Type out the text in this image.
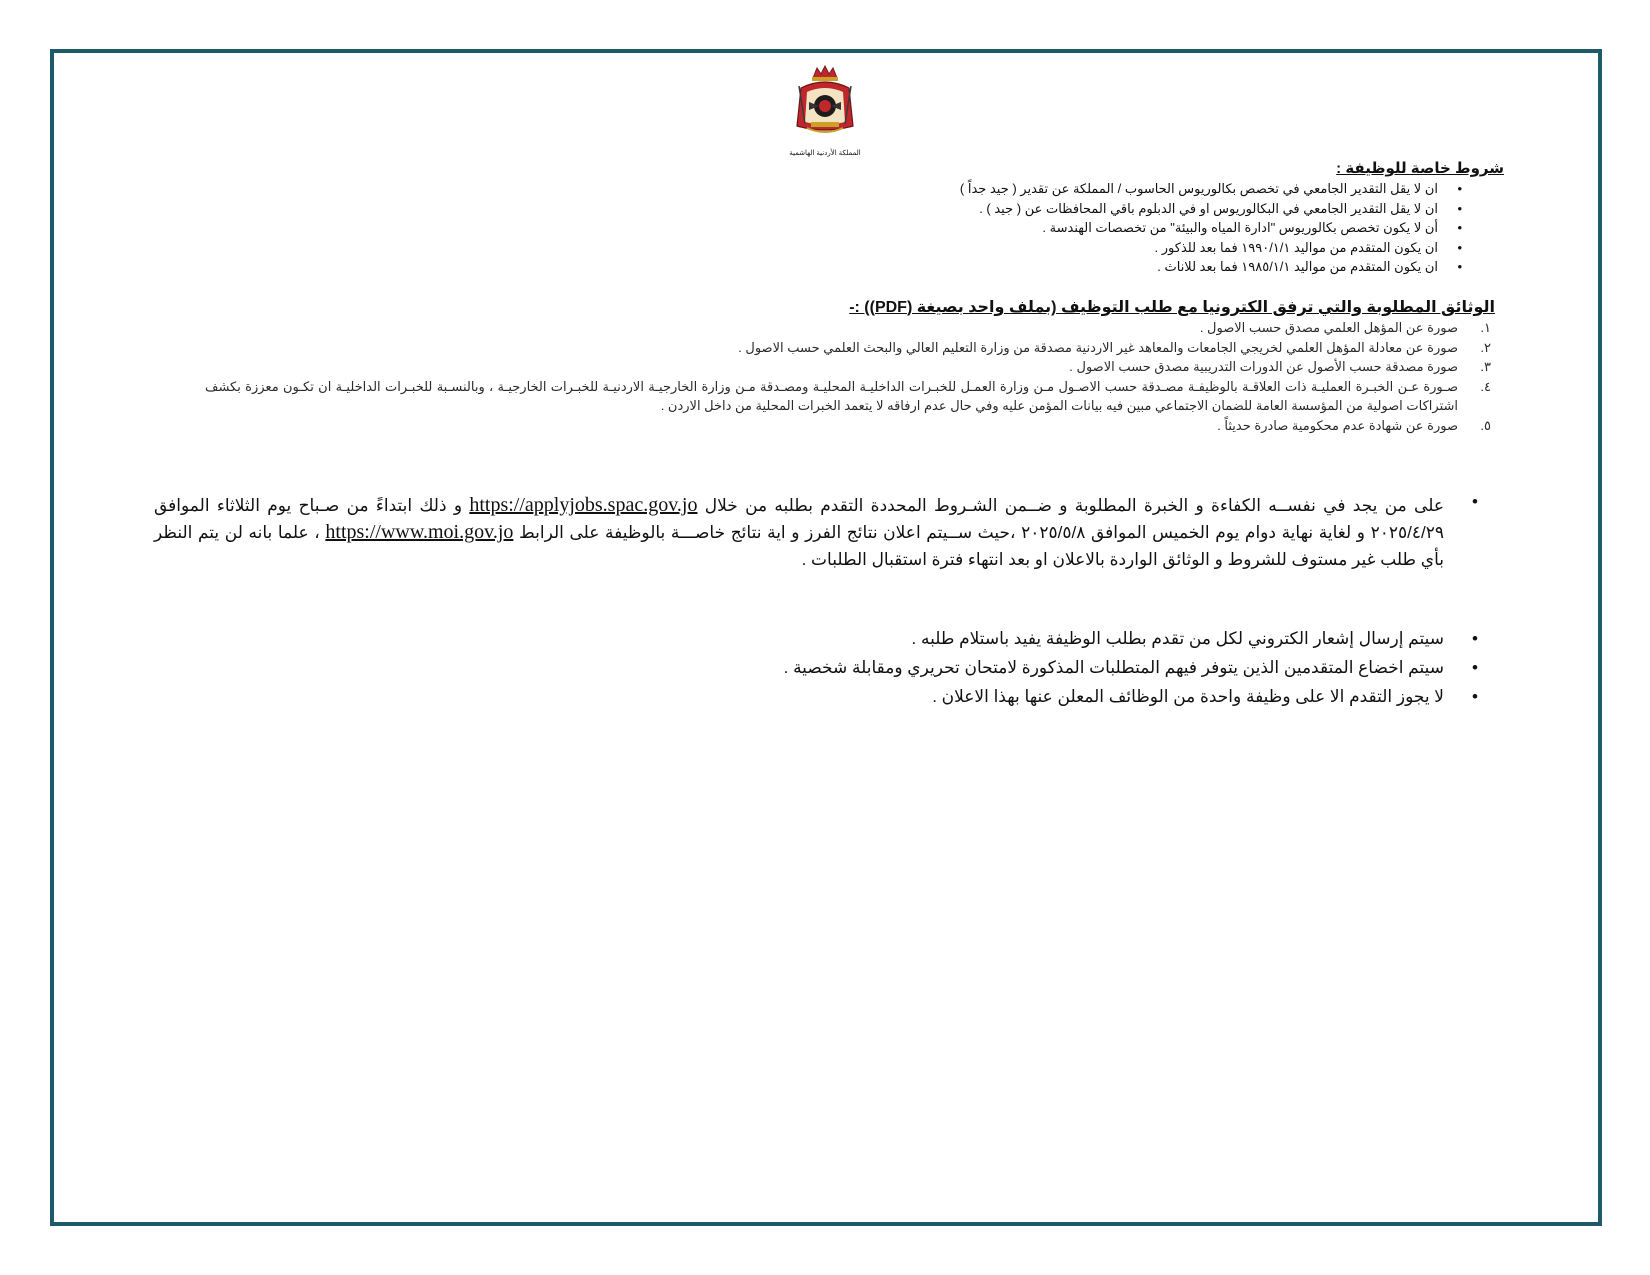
المملكة الأردنية الهاشمية
شروط خاصة للوظيفة :
• ان لا يقل التقدير الجامعي في تخصص بكالوريوس الحاسوب / المملكة عن تقدير ( جيد جداً )
• ان لا يقل التقدير الجامعي في البكالوريوس او في الدبلوم باقي المحافظات عن ( جيد ) .
• أن لا يكون تخصص بكالوريوس "ادارة المياه والبيئة" من تخصصات الهندسة .
• ان يكون المتقدم من مواليد ١٩٩٠/١/١ فما بعد للذكور .
• ان يكون المتقدم من مواليد ١٩٨٥/١/١ فما بعد للاناث .
الوثائق المطلوبة والتي ترفق الكترونيا مع طلب التوظيف (بملف واحد بصيغة (PDF)) :-
١.
صورة عن المؤهل العلمي مصدق حسب الاصول .
٢.
صورة عن معادلة المؤهل العلمي لخريجي الجامعات والمعاهد غير الاردنية مصدقة من وزارة التعليم العالي والبحث العلمي حسب الاصول .
٣.
صورة مصدقة حسب الأصول عن الدورات التدريبية مصدق حسب الاصول .
٤.
صـورة عـن الخبـرة العمليـة ذات العلاقـة بالوظيفـة مصـدقة حسب الاصـول مـن وزارة العمـل للخبـرات الداخليـة المحليـة ومصـدقة مـن وزارة الخارجيـة الاردنيـة للخبـرات الخارجيـة ، وبالنسـبة للخبـرات الداخليـة ان تكـون معززة بكشف اشتراكات اصولية من المؤسسة العامة للضمان الاجتماعي مبين فيه بيانات المؤمن عليه وفي حال عدم ارفاقه لا يتعمد الخبرات المحلية من داخل الاردن .
٥.
صورة عن شهادة عدم محكومية صادرة حديثاً .
•
على من يجد في نفســه الكفاءة و الخبرة المطلوبة و ضــمن الشـروط المحددة التقدم بطلبه من خلال https://applyjobs.spac.gov.jo و ذلك ابتداءً من صـباح يوم الثلاثاء الموافق ٢٠٢٥/٤/٢٩ و لغاية نهاية دوام يوم الخميس الموافق ٢٠٢٥/٥/٨ ،حيث ســيتم اعلان نتائج الفرز و اية نتائج خاصـــة بالوظيفة على الرابط https://www.moi.gov.jo ، علما بانه لن يتم النظر بأي طلب غير مستوف للشروط و الوثائق الواردة بالاعلان او بعد انتهاء فترة استقبال الطلبات .
• سيتم إرسال إشعار الكتروني لكل من تقدم بطلب الوظيفة يفيد باستلام طلبه .
• سيتم اخضاع المتقدمين الذين يتوفر فيهم المتطلبات المذكورة لامتحان تحريري ومقابلة شخصية .
• لا يجوز التقدم الا على وظيفة واحدة من الوظائف المعلن عنها بهذا الاعلان .
